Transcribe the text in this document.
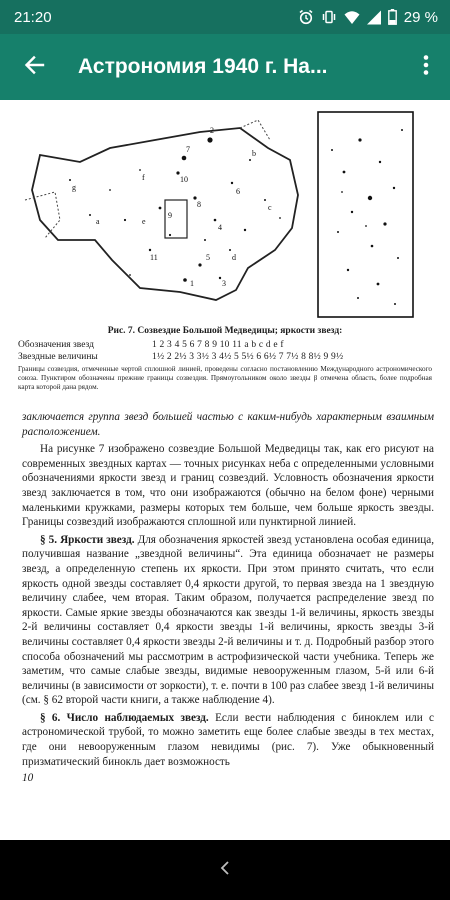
21:20	29 %
Астрономия 1940 г. На...
7
2
10
8
9
e
5
1	3
a
b
c
d
f
g
4
6
11
Рис. 7. Созвездие Большой Медведицы; яркости звезд:
Обозначения звезд	1 2 3 4 5 6 7 8 9 10 11 a b c d e f
Звездные величины	1½ 2 2½ 3 3½ 3 4½ 5 5½ 6 6½ 7 7½ 8 8½ 9 9½
Границы созвездия, отмеченные чертой сплошной линией, проведены согласно постановлению Международного астрономического союза. Пунктиром обозначены прежние границы созвездия. Прямоугольником около звезды β отмечена область, более подробная карта которой дана рядом.

заключается группа звезд большей частью с каким-нибудь характерным взаимным расположением.

На рисунке 7 изображено созвездие Большой Медведицы так, как его рисуют на современных звездных картах — точных рисунках неба с определенными условными обозначениями яркости звезд и границ созвездий. Условность обозначения яркости звезд заключается в том, что они изображаются (обычно на белом фоне) черными маленькими кружками, размеры которых тем больше, чем больше яркость звезды. Границы созвездий изображаются сплошной или пунктирной линией.

§ 5. Яркости звезд. Для обозначения яркостей звезд установлена особая единица, получившая название „звездной величины“. Эта единица обозначает не размеры звезд, а определенную степень их яркости. При этом принято считать, что если яркость одной звезды составляет 0,4 яркости другой, то первая звезда на 1 звездную величину слабее, чем вторая. Таким образом, получается распределение звезд по яркости. Самые яркие звезды обозначаются как звезды 1-й величины, яркость звезды 2-й величины составляет 0,4 яркости звезды 1-й величины, яркость звезды 3-й величины составляет 0,4 яркости звезды 2-й величины и т. д. Подробный разбор этого способа обозначений мы рассмотрим в астрофизической части учебника. Теперь же заметим, что самые слабые звезды, видимые невооруженным глазом, 5-й или 6-й величины (в зависимости от зоркости), т. е. почти в 100 раз слабее звезд 1-й величины (см. § 62 второй части книги, а также наблюдение 4).

§ 6. Число наблюдаемых звезд. Если вести наблюдения с биноклем или с астрономической трубой, то можно заметить еще более слабые звезды в тех местах, где они невооруженным глазом невидимы (рис. 7). Уже обыкновенный призматический бинокль дает возможность

10
